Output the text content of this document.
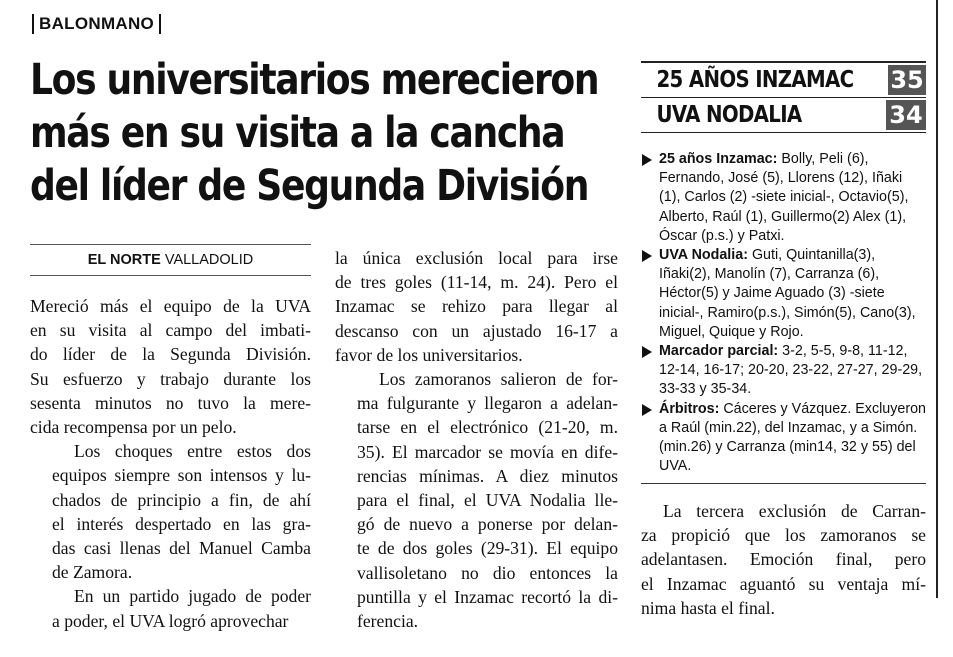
BALONMANO
Los universitarios merecieron
más en su visita a la cancha
del líder de Segunda División
EL NORTE VALLADOLID

Mereció más el equipo de la UVA
en su visita al campo del imbati-
do líder de la Segunda División.
Su esfuerzo y trabajo durante los
sesenta minutos no tuvo la mere-
cida recompensa por un pelo.

Los choques entre estos dos
equipos siempre son intensos y lu-
chados de principio a fin, de ahí
el interés despertado en las gra-
das casi llenas del Manuel Camba
de Zamora.

En un partido jugado de poder
a poder, el UVA logró aprovechar

la única exclusión local para irse
de tres goles (11-14, m. 24). Pero el
Inzamac se rehizo para llegar al
descanso con un ajustado 16-17 a
favor de los universitarios.

Los zamoranos salieron de for-
ma fulgurante y llegaron a adelan-
tarse en el electrónico (21-20, m.
35). El marcador se movía en dife-
rencias mínimas. A diez minutos
para el final, el UVA Nodalia lle-
gó de nuevo a ponerse por delan-
te de dos goles (29-31). El equipo
vallisoletano no dio entonces la
puntilla y el Inzamac recortó la di-
ferencia.

La tercera exclusión de Carran-
za propició que los zamoranos se
adelantasen. Emoción final, pero
el Inzamac aguantó su ventaja mí-
nima hasta el final.

25 AÑOS INZAMAC 35
UVA NODALIA	34
25 años Inzamac: Bolly, Peli (6), Fernando, José (5), Llorens (12), Iñaki (1), Carlos (2) -siete inicial-, Octavio(5), Alberto, Raúl (1), Guillermo(2) Alex (1), Óscar (p.s.) y Patxi.
UVA Nodalia: Guti, Quintanilla(3), Iñaki(2), Manolín (7), Carranza (6), Héctor(5) y Jaime Aguado (3) -siete inicial-, Ramiro(p.s.), Simón(5), Cano(3), Miguel, Quique y Rojo.
Marcador parcial: 3-2, 5-5, 9-8, 11-12, 12-14, 16-17; 20-20, 23-22, 27-27, 29-29, 33-33 y 35-34.
Árbitros: Cáceres y Vázquez. Excluyeron a Raúl (min.22), del Inzamac, y a Simón. (min.26) y Carranza (min14, 32 y 55) del UVA.
